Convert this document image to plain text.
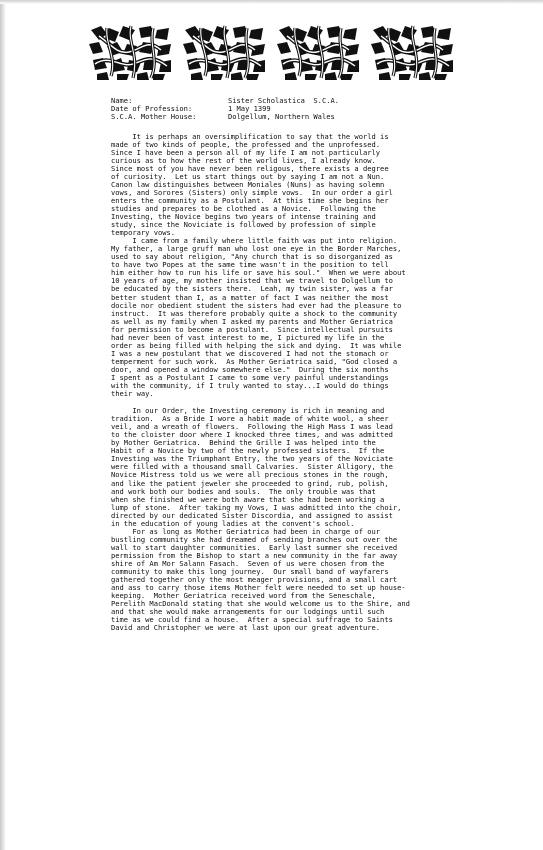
Name:	Sister Scholastica  S.C.A.
Date of Profession:	1 May 1399
S.C.A. Mother House:	Dolgellum, Northern Wales
It is perhaps an oversimplification to say that the world is
made of two kinds of people, the professed and the unprofessed.
Since I have been a person all of my life I am not particularly
curious as to how the rest of the world lives, I already know.
Since most of you have never been religous, there exists a degree
of curiosity.  Let us start things out by saying I am not a Nun.
Canon law distinguishes between Moniales (Nuns) as having solemn
vows, and Sorores (Sisters) only simple vows.  In our order a girl
enters the community as a Postulant.  At this time she begins her
studies and prepares to be clothed as a Novice.  Following the
Investing, the Novice begins two years of intense training and
study, since the Noviciate is followed by profession of simple
temporary vows.
I came from a family where little faith was put into religion.
My father, a large gruff man who lost one eye in the Border Marches,
used to say about religion, "Any church that is so disorganized as
to have two Popes at the same time wasn't in the position to tell
him either how to run his life or save his soul."  When we were about
10 years of age, my mother insisted that we travel to Dolgellum to
be educated by the sisters there.  Leah, my twin sister, was a far
better student than I, as a matter of fact I was neither the most
docile nor obedient student the sisters had ever had the pleasure to
instruct.  It was therefore probably quite a shock to the community
as well as my family when I asked my parents and Mother Geriatrica
for permission to become a postulant.  Since intellectual pursuits
had never been of vast interest to me, I pictured my life in the
order as being filled with helping the sick and dying.  It was while
I was a new postulant that we discovered I had not the stomach or
temperment for such work.  As Mother Geriatrica said, "God closed a
door, and opened a window somewhere else."  During the six months
I spent as a Postulant I came to some very painful understandings
with the community, if I truly wanted to stay...I would do things
their way.
In our Order, the Investing ceremony is rich in meaning and
tradition.  As a Bride I wore a habit made of white wool, a sheer
veil, and a wreath of flowers.  Following the High Mass I was lead
to the cloister door where I knocked three times, and was admitted
by Mother Geriatrica.  Behind the Grille I was helped into the
Habit of a Novice by two of the newly professed sisters.  If the
Investing was the Triumphant Entry, the two years of the Noviciate
were filled with a thousand small Calvaries.  Sister Alligory, the
Novice Mistress told us we were all precious stones in the rough,
and like the patient jeweler she proceeded to grind, rub, polish,
and work both our bodies and souls.  The only trouble was that
when she finished we were both aware that she had been working a
lump of stone.  After taking my Vows, I was admitted into the choir,
directed by our dedicated Sister Discordia, and assigned to assist
in the education of young ladies at the convent's school.
For as long as Mother Geriatrica had been in charge of our
bustling community she had dreamed of sending branches out over the
wall to start daughter communities.  Early last summer she received
permission from the Bishop to start a new community in the far away
shire of Am Mor Salann Fasach.  Seven of us were chosen from the
community to make this long journey.  Our small band of wayfarers
gathered together only the most meager provisions, and a small cart
and ass to carry those items Mother felt were needed to set up house-
keeping.  Mother Geriatrica received word from the Seneschale,
Perelith MacDonald stating that she would welcome us to the Shire, and
and that she would make arrangements for our lodgings until such
time as we could find a house.  After a special suffrage to Saints
David and Christopher we were at last upon our great adventure.
